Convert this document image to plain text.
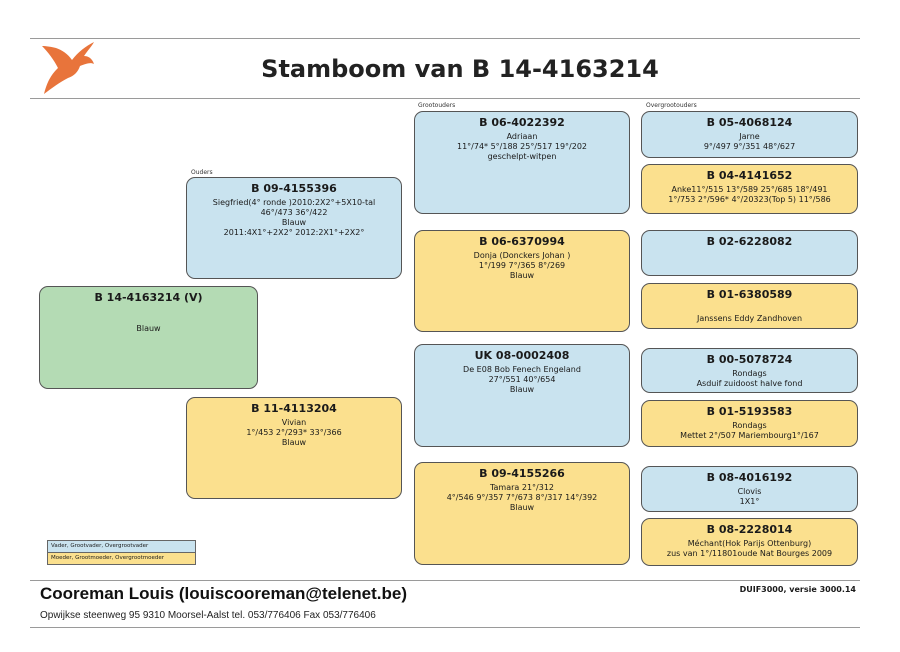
Stamboom van B 14-4163214
Ouders
Grootouders	Overgrootouders
B 14-4163214 (V)
Blauw
B 09-4155396
Siegfried(4° ronde )2010:2X2°+5X10-tal
46°/473 36°/422
Blauw
2011:4X1°+2X2° 2012:2X1°+2X2°
B 11-4113204
Vivian
1°/453 2°/293* 33°/366
Blauw
B 06-4022392
Adriaan
11°/74* 5°/188 25°/517 19°/202
geschelpt-witpen
B 06-6370994
Donja (Donckers Johan )
1°/199 7°/365 8°/269
Blauw
UK 08-0002408
De E08 Bob Fenech Engeland
27°/551 40°/654
Blauw
B 09-4155266
Tamara 21°/312
4°/546 9°/357 7°/673 8°/317 14°/392
Blauw
B 05-4068124
Jarne
9°/497 9°/351 48°/627
B 04-4141652
Anke11°/515 13°/589 25°/685 18°/491
1°/753 2°/596* 4°/20323(Top 5) 11°/586
B 02-6228082
B 01-6380589
Janssens Eddy Zandhoven
B 00-5078724
Rondags
Asduif zuidoost halve fond
B 01-5193583
Rondags
Mettet 2°/507 Mariembourg1°/167
B 08-4016192
Clovis
1X1°
B 08-2228014
Méchant(Hok Parijs Ottenburg)
zus van 1°/11801oude Nat Bourges 2009
Vader, Grootvader, Overgrootvader
Moeder, Grootmoeder, Overgrootmoeder
Cooreman Louis (louiscooreman@telenet.be)	DUIF3000, versie 3000.14
Opwijkse steenweg 95 9310 Moorsel-Aalst tel. 053/776406 Fax 053/776406
